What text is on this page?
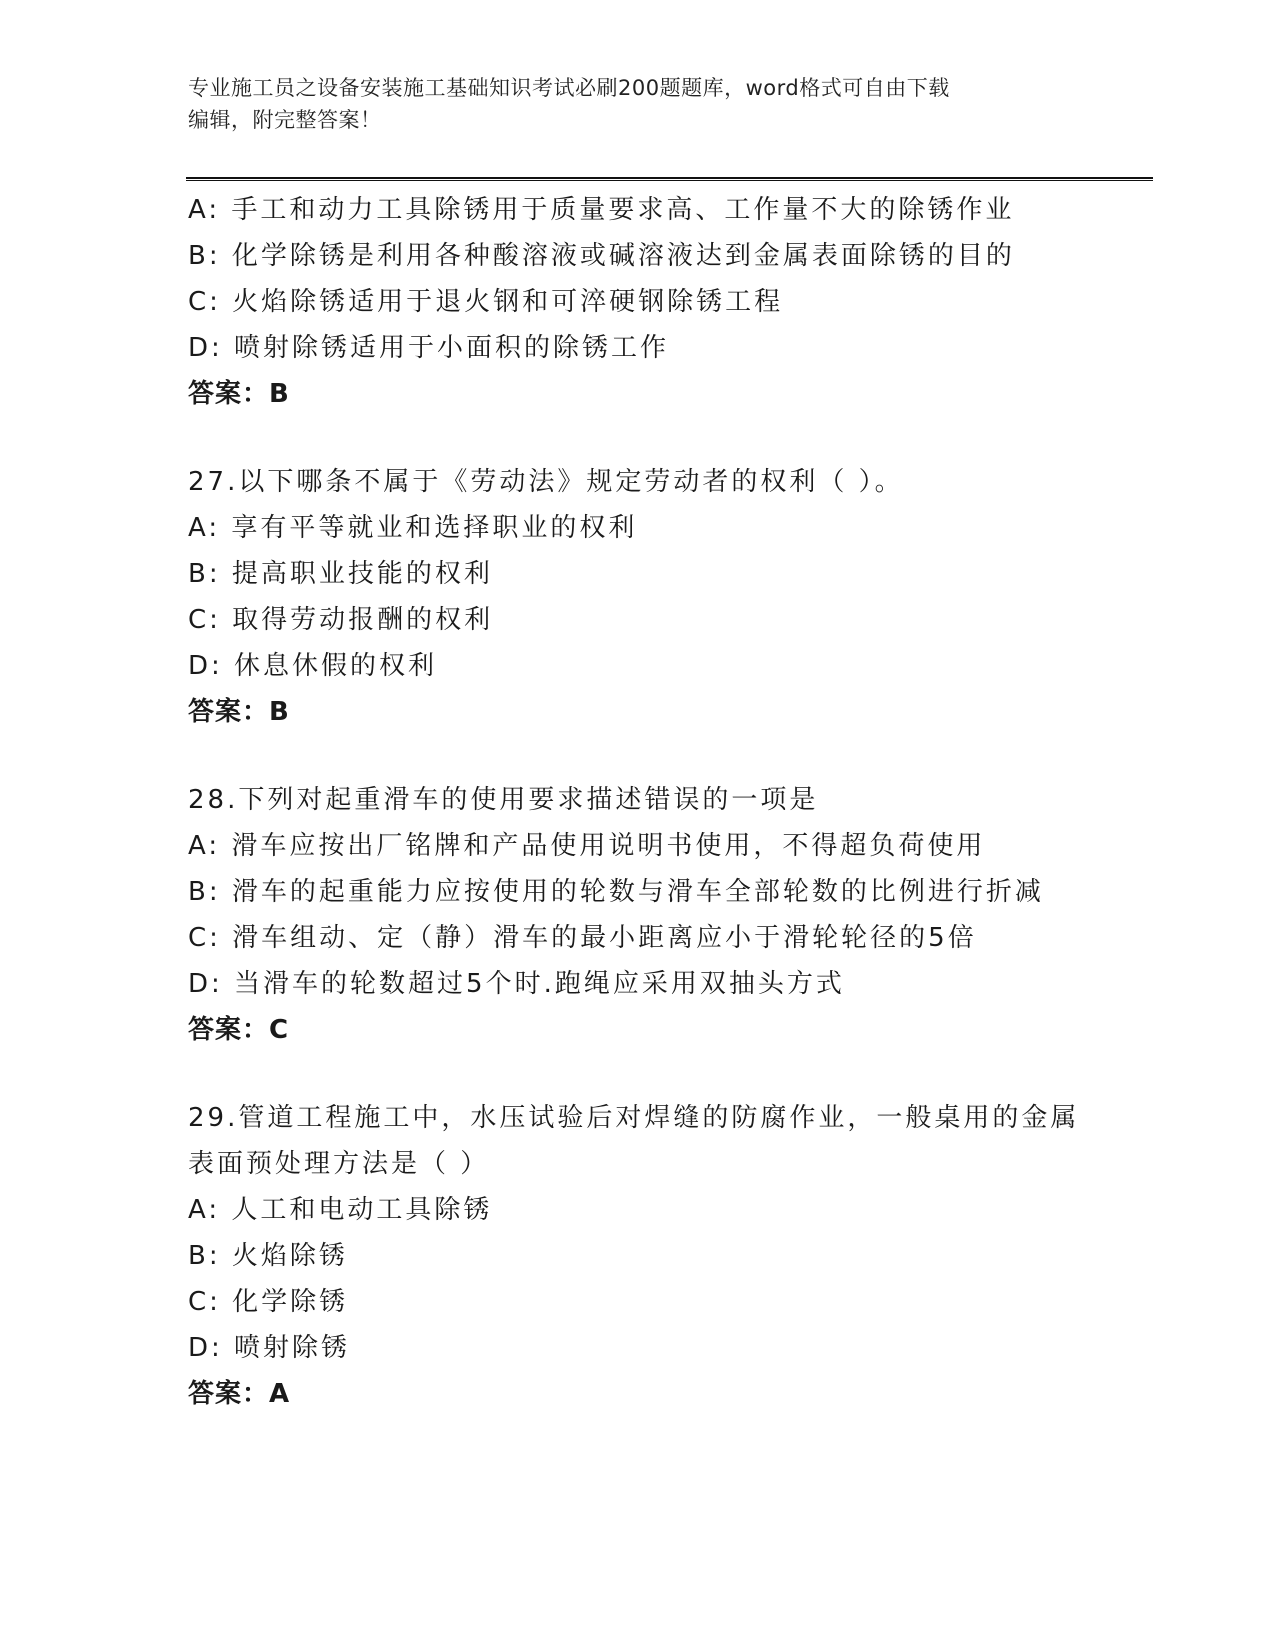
专业施工员之设备安装施工基础知识考试必刷200题题库，word格式可自由下载
编辑，附完整答案！
A: 手工和动力工具除锈用于质量要求高、工作量不大的除锈作业
B: 化学除锈是利用各种酸溶液或碱溶液达到金属表面除锈的目的
C: 火焰除锈适用于退火钢和可淬硬钢除锈工程
D: 喷射除锈适用于小面积的除锈工作
答案：B
27.以下哪条不属于《劳动法》规定劳动者的权利（ ）。
A: 享有平等就业和选择职业的权利
B: 提高职业技能的权利
C: 取得劳动报酬的权利
D: 休息休假的权利
答案：B
28.下列对起重滑车的使用要求描述错误的一项是
A: 滑车应按出厂铭牌和产品使用说明书使用，不得超负荷使用
B: 滑车的起重能力应按使用的轮数与滑车全部轮数的比例进行折减
C: 滑车组动、定（静）滑车的最小距离应小于滑轮轮径的5倍
D: 当滑车的轮数超过5个时.跑绳应采用双抽头方式
答案：C
29.管道工程施工中，水压试验后对焊缝的防腐作业，一般桌用的金属
表面预处理方法是（ ）
A: 人工和电动工具除锈
B: 火焰除锈
C: 化学除锈
D: 喷射除锈
答案：A
